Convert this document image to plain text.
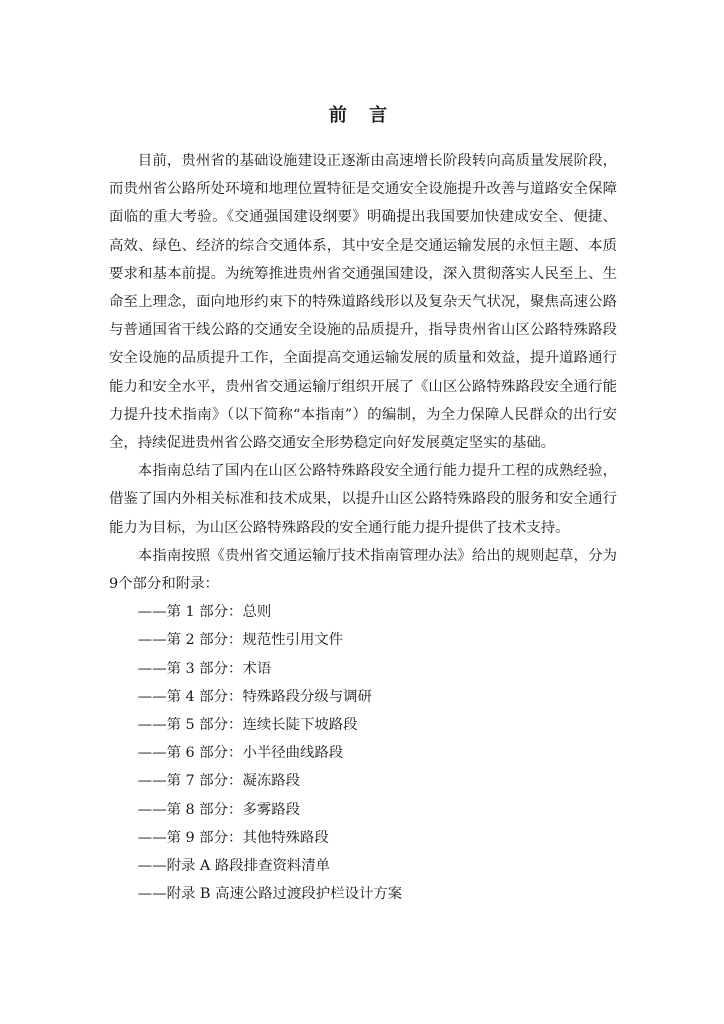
前 言

目前，贵州省的基础设施建设正逐渐由高速增长阶段转向高质量发展阶段，而贵州省公路所处环境和地理位置特征是交通安全设施提升改善与道路安全保障面临的重大考验。《交通强国建设纲要》明确提出我国要加快建成安全、便捷、高效、绿色、经济的综合交通体系，其中安全是交通运输发展的永恒主题、本质要求和基本前提。为统筹推进贵州省交通强国建设，深入贯彻落实人民至上、生命至上理念，面向地形约束下的特殊道路线形以及复杂天气状况，聚焦高速公路与普通国省干线公路的交通安全设施的品质提升，指导贵州省山区公路特殊路段安全设施的品质提升工作，全面提高交通运输发展的质量和效益，提升道路通行能力和安全水平，贵州省交通运输厅组织开展了《山区公路特殊路段安全通行能力提升技术指南》（以下简称“本指南”）的编制，为全力保障人民群众的出行安全，持续促进贵州省公路交通安全形势稳定向好发展奠定坚实的基础。

本指南总结了国内在山区公路特殊路段安全通行能力提升工程的成熟经验，借鉴了国内外相关标准和技术成果，以提升山区公路特殊路段的服务和安全通行能力为目标，为山区公路特殊路段的安全通行能力提升提供了技术支持。

本指南按照《贵州省交通运输厅技术指南管理办法》给出的规则起草，分为9个部分和附录：

——第 1 部分：总则
——第 2 部分：规范性引用文件
——第 3 部分：术语
——第 4 部分：特殊路段分级与调研
——第 5 部分：连续长陡下坡路段
——第 6 部分：小半径曲线路段
——第 7 部分：凝冻路段
——第 8 部分：多雾路段
——第 9 部分：其他特殊路段
——附录 A 路段排查资料清单
——附录 B 高速公路过渡段护栏设计方案
